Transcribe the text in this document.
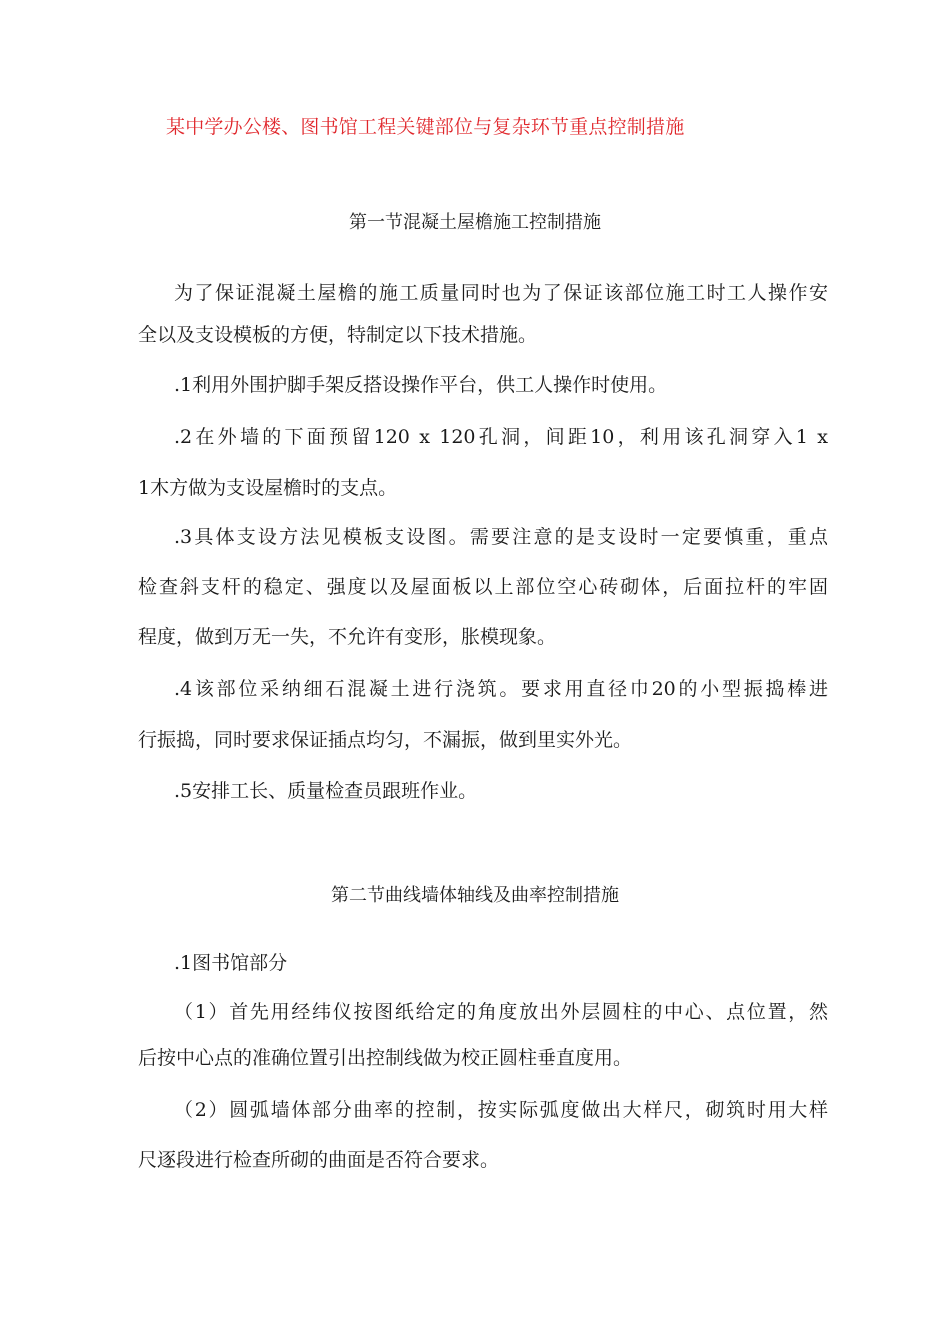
某中学办公楼、图书馆工程关键部位与复杂环节重点控制措施
第一节混凝土屋檐施工控制措施
为了保证混凝土屋檐的施工质量同时也为了保证该部位施工时工人操作安
全以及支设模板的方便，特制定以下技术措施。
.1利用外围护脚手架反搭设操作平台，供工人操作时使用。
.2在外墙的下面预留120 x 120孔洞，间距10，利用该孔洞穿入1 x
1木方做为支设屋檐时的支点。
.3具体支设方法见模板支设图。需要注意的是支设时一定要慎重，重点
检查斜支杆的稳定、强度以及屋面板以上部位空心砖砌体，后面拉杆的牢固
程度，做到万无一失，不允许有变形，胀模现象。
.4该部位采纳细石混凝土进行浇筑。要求用直径巾20的小型振捣棒进
行振捣，同时要求保证插点均匀，不漏振，做到里实外光。
.5安排工长、质量检查员跟班作业。
第二节曲线墙体轴线及曲率控制措施
.1图书馆部分
（1）首先用经纬仪按图纸给定的角度放出外层圆柱的中心、点位置，然
后按中心点的准确位置引出控制线做为校正圆柱垂直度用。
（2）圆弧墙体部分曲率的控制，按实际弧度做出大样尺，砌筑时用大样
尺逐段进行检查所砌的曲面是否符合要求。
